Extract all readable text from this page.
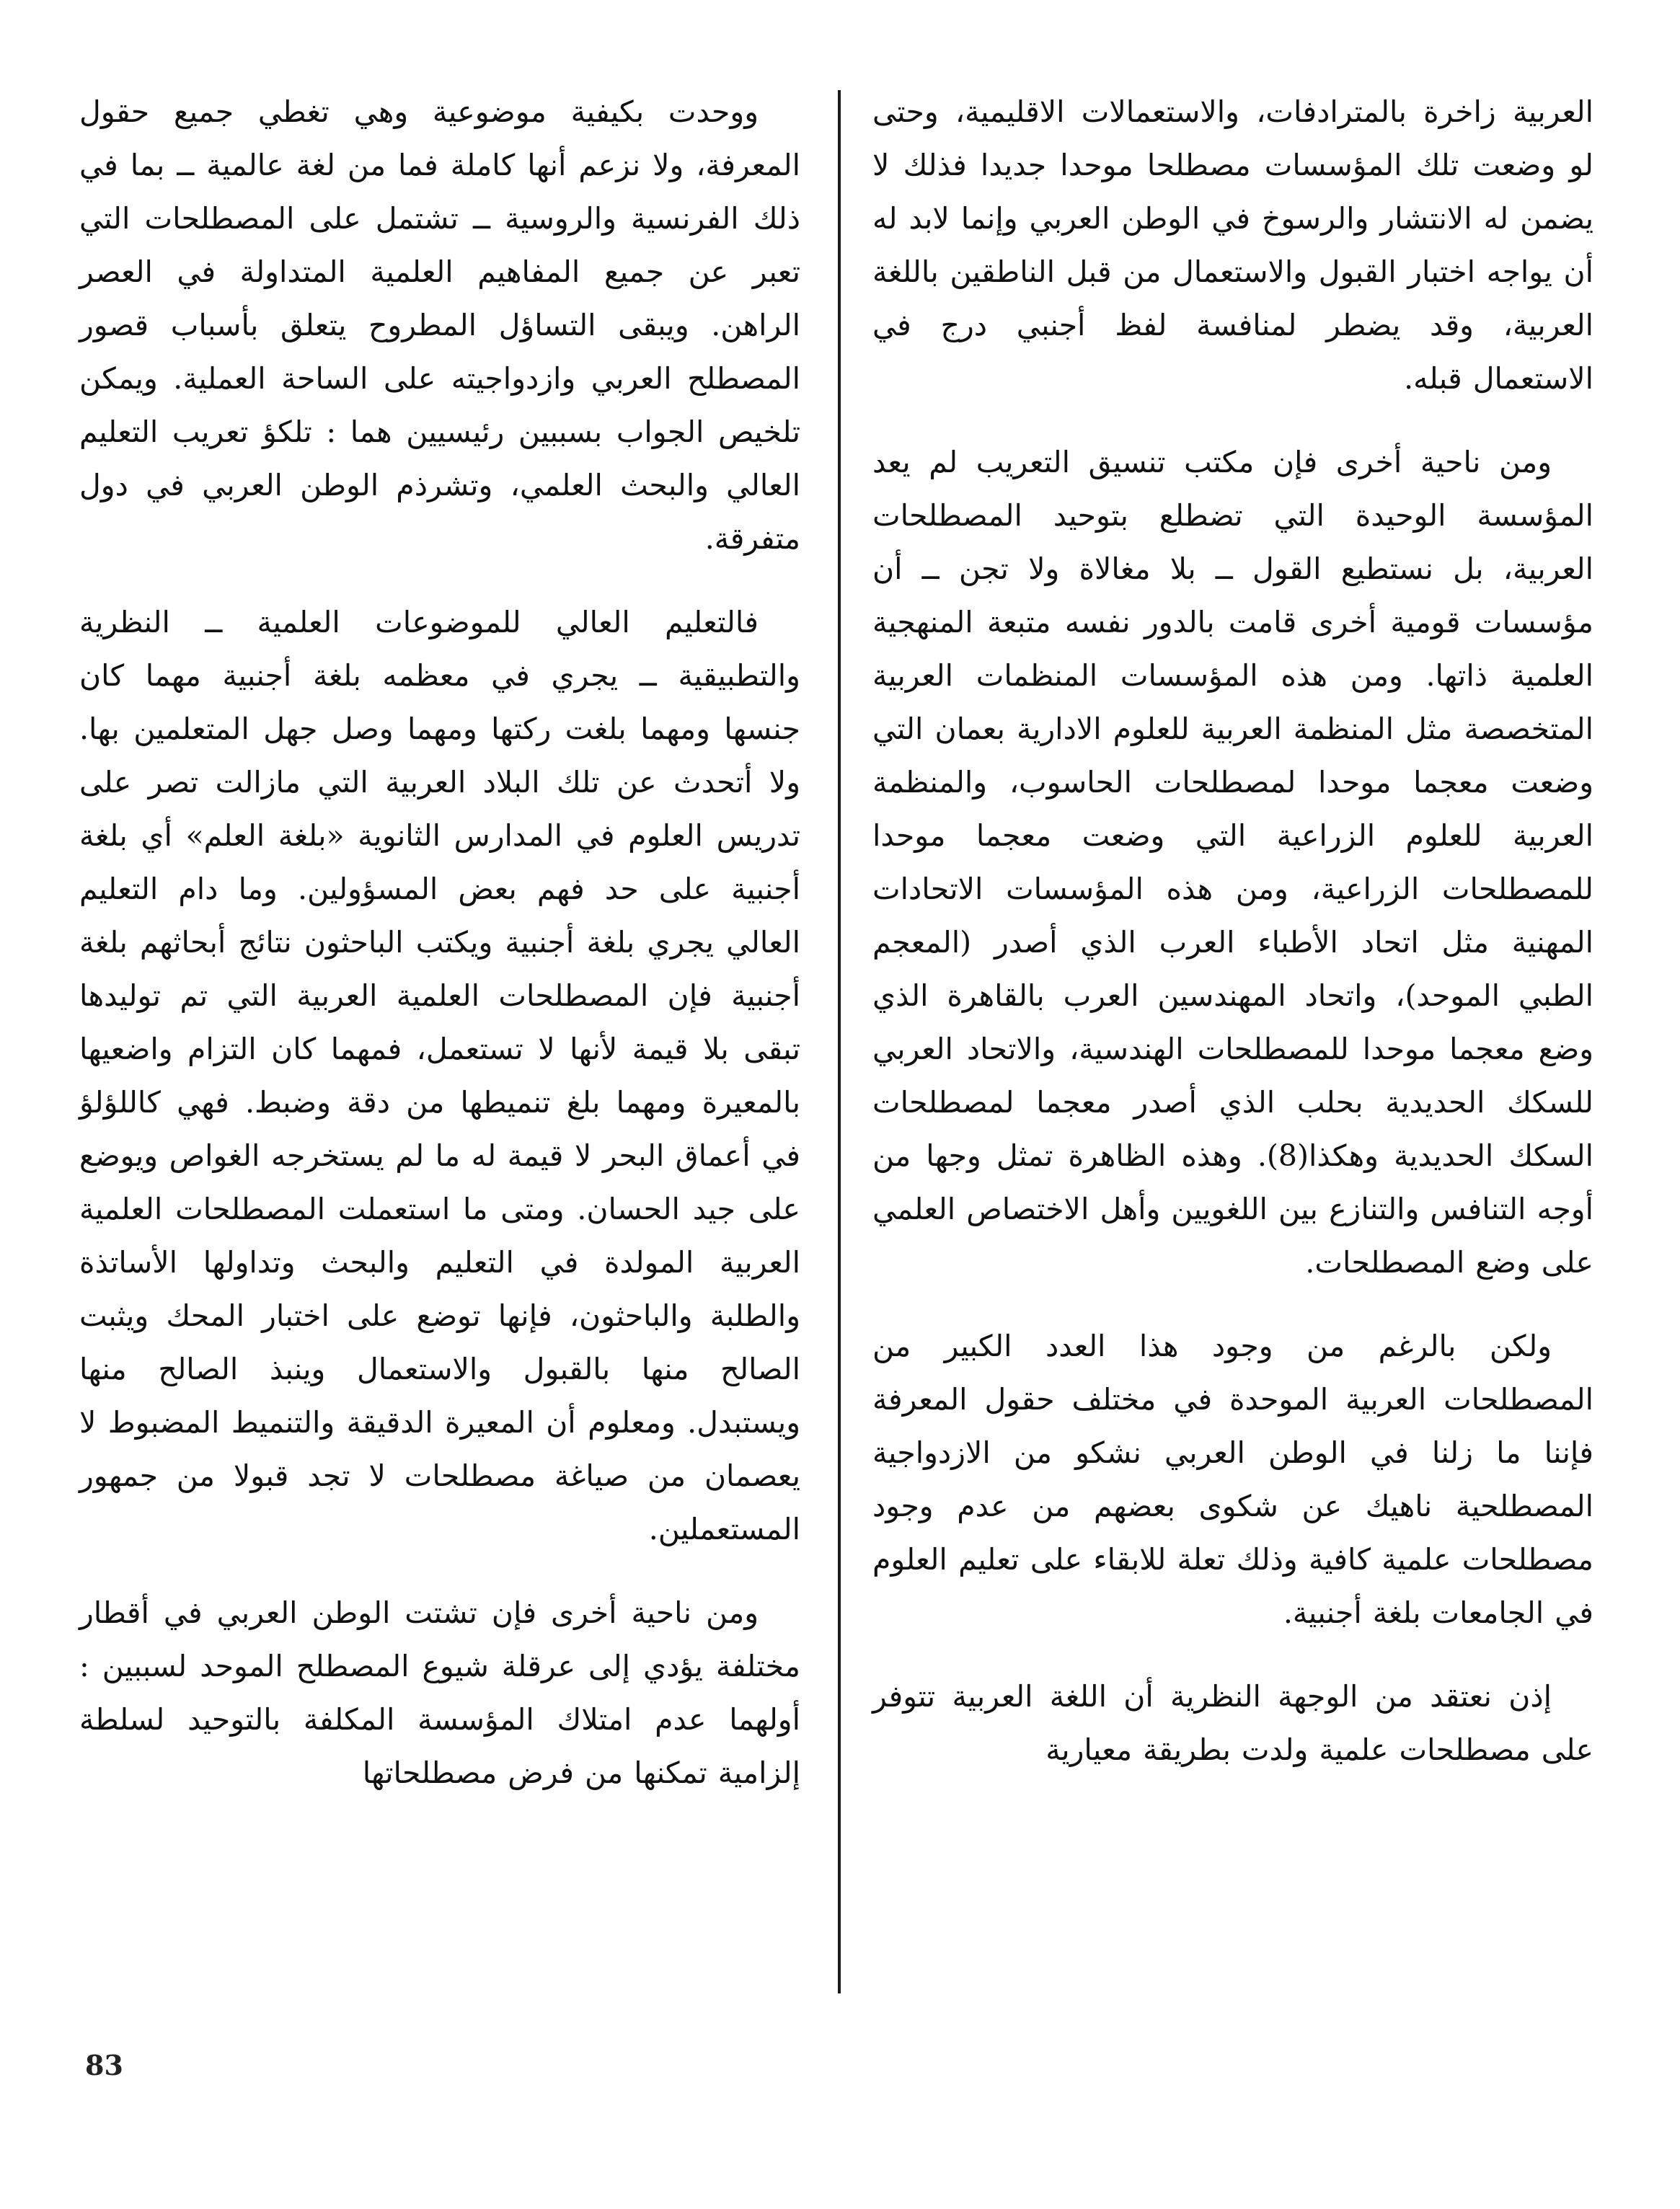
العربية زاخرة بالمترادفات، والاستعمالات الاقليمية، وحتى لو وضعت تلك المؤسسات مصطلحا موحدا جديدا فذلك لا يضمن له الانتشار والرسوخ في الوطن العربي وإنما لابد له أن يواجه اختبار القبول والاستعمال من قبل الناطقين باللغة العربية، وقد يضطر لمنافسة لفظ أجنبي درج في الاستعمال قبله.

ومن ناحية أخرى فإن مكتب تنسيق التعريب لم يعد المؤسسة الوحيدة التي تضطلع بتوحيد المصطلحات العربية، بل نستطيع القول ــ بلا مغالاة ولا تجن ــ أن مؤسسات قومية أخرى قامت بالدور نفسه متبعة المنهجية العلمية ذاتها. ومن هذه المؤسسات المنظمات العربية المتخصصة مثل المنظمة العربية للعلوم الادارية بعمان التي وضعت معجما موحدا لمصطلحات الحاسوب، والمنظمة العربية للعلوم الزراعية التي وضعت معجما موحدا للمصطلحات الزراعية، ومن هذه المؤسسات الاتحادات المهنية مثل اتحاد الأطباء العرب الذي أصدر (المعجم الطبي الموحد)، واتحاد المهندسين العرب بالقاهرة الذي وضع معجما موحدا للمصطلحات الهندسية، والاتحاد العربي للسكك الحديدية بحلب الذي أصدر معجما لمصطلحات السكك الحديدية وهكذا(8). وهذه الظاهرة تمثل وجها من أوجه التنافس والتنازع بين اللغويين وأهل الاختصاص العلمي على وضع المصطلحات.

ولكن بالرغم من وجود هذا العدد الكبير من المصطلحات العربية الموحدة في مختلف حقول المعرفة فإننا ما زلنا في الوطن العربي نشكو من الازدواجية المصطلحية ناهيك عن شكوى بعضهم من عدم وجود مصطلحات علمية كافية وذلك تعلة للابقاء على تعليم العلوم في الجامعات بلغة أجنبية.

إذن نعتقد من الوجهة النظرية أن اللغة العربية تتوفر على مصطلحات علمية ولدت بطريقة معيارية

ووحدت بكيفية موضوعية وهي تغطي جميع حقول المعرفة، ولا نزعم أنها كاملة فما من لغة عالمية ــ بما في ذلك الفرنسية والروسية ــ تشتمل على المصطلحات التي تعبر عن جميع المفاهيم العلمية المتداولة في العصر الراهن. ويبقى التساؤل المطروح يتعلق بأسباب قصور المصطلح العربي وازدواجيته على الساحة العملية. ويمكن تلخيص الجواب بسببين رئيسيين هما : تلكؤ تعريب التعليم العالي والبحث العلمي، وتشرذم الوطن العربي في دول متفرقة.

فالتعليم العالي للموضوعات العلمية ــ النظرية والتطبيقية ــ يجري في معظمه بلغة أجنبية مهما كان جنسها ومهما بلغت ركتها ومهما وصل جهل المتعلمين بها. ولا أتحدث عن تلك البلاد العربية التي مازالت تصر على تدريس العلوم في المدارس الثانوية «بلغة العلم» أي بلغة أجنبية على حد فهم بعض المسؤولين. وما دام التعليم العالي يجري بلغة أجنبية ويكتب الباحثون نتائج أبحاثهم بلغة أجنبية فإن المصطلحات العلمية العربية التي تم توليدها تبقى بلا قيمة لأنها لا تستعمل، فمهما كان التزام واضعيها بالمعيرة ومهما بلغ تنميطها من دقة وضبط. فهي كاللؤلؤ في أعماق البحر لا قيمة له ما لم يستخرجه الغواص ويوضع على جيد الحسان. ومتى ما استعملت المصطلحات العلمية العربية المولدة في التعليم والبحث وتداولها الأساتذة والطلبة والباحثون، فإنها توضع على اختبار المحك ويثبت الصالح منها بالقبول والاستعمال وينبذ الصالح منها ويستبدل. ومعلوم أن المعيرة الدقيقة والتنميط المضبوط لا يعصمان من صياغة مصطلحات لا تجد قبولا من جمهور المستعملين.

ومن ناحية أخرى فإن تشتت الوطن العربي في أقطار مختلفة يؤدي إلى عرقلة شيوع المصطلح الموحد لسببين : أولهما عدم امتلاك المؤسسة المكلفة بالتوحيد لسلطة إلزامية تمكنها من فرض مصطلحاتها

83
